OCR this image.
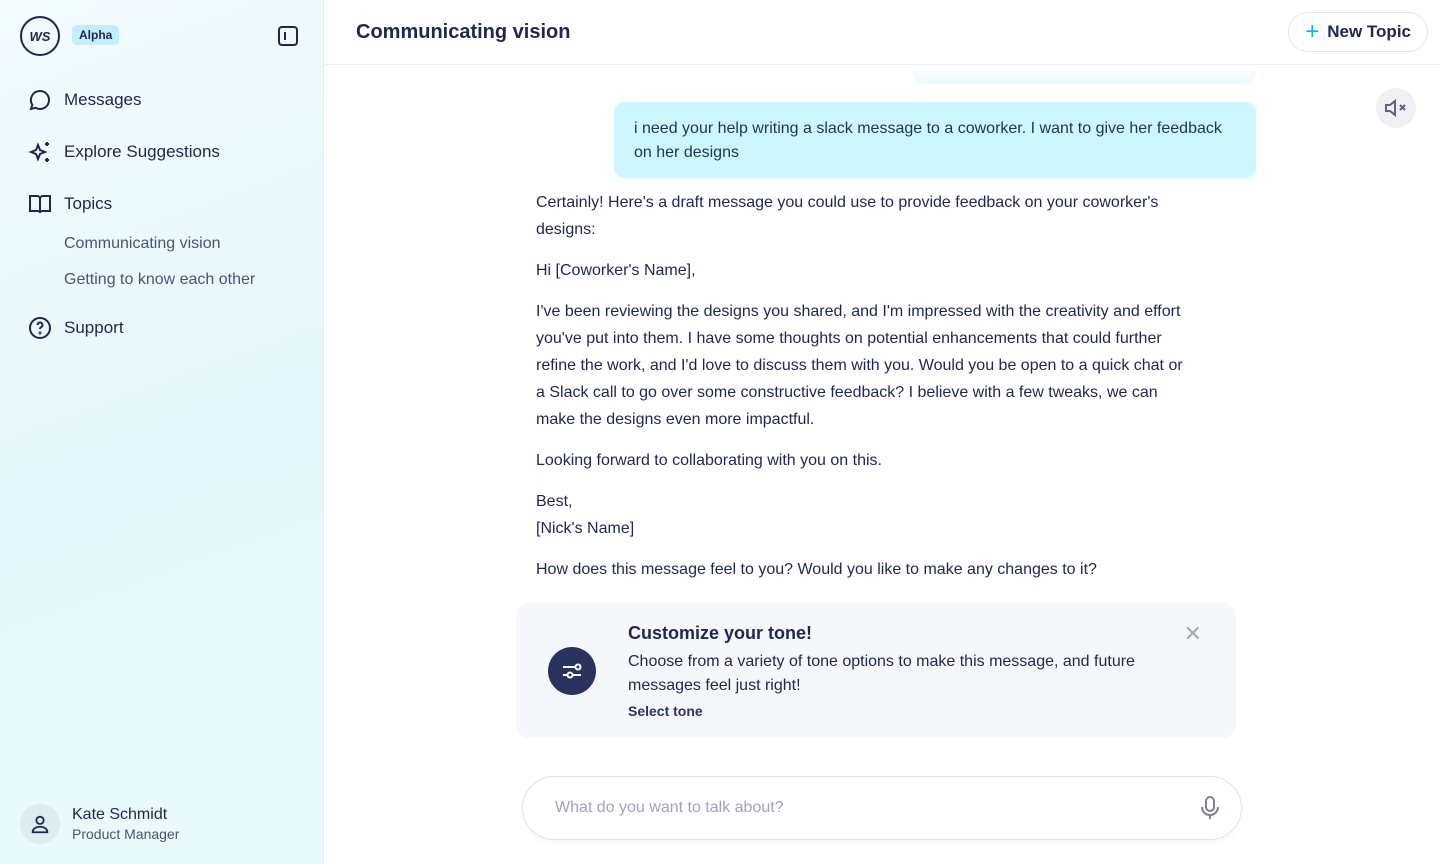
WS	Alpha
Messages
Explore Suggestions
Topics
Communicating vision
Getting to know each other
Support
Kate Schmidt
Product Manager
Communicating vision	+ New Topic
i need your help writing a slack message to a coworker. I want to give her feedback on her designs

Certainly! Here's a draft message you could use to provide feedback on your coworker's designs:

Hi [Coworker's Name],

I've been reviewing the designs you shared, and I'm impressed with the creativity and effort you've put into them. I have some thoughts on potential enhancements that could further refine the work, and I'd love to discuss them with you. Would you be open to a quick chat or a Slack call to go over some constructive feedback? I believe with a few tweaks, we can make the designs even more impactful.

Looking forward to collaborating with you on this.

Best,

[Nick's Name]

How does this message feel to you? Would you like to make any changes to it?

Customize your tone!
Choose from a variety of tone options to make this message, and future messages feel just right!
Select tone
✕
What do you want to talk about?
